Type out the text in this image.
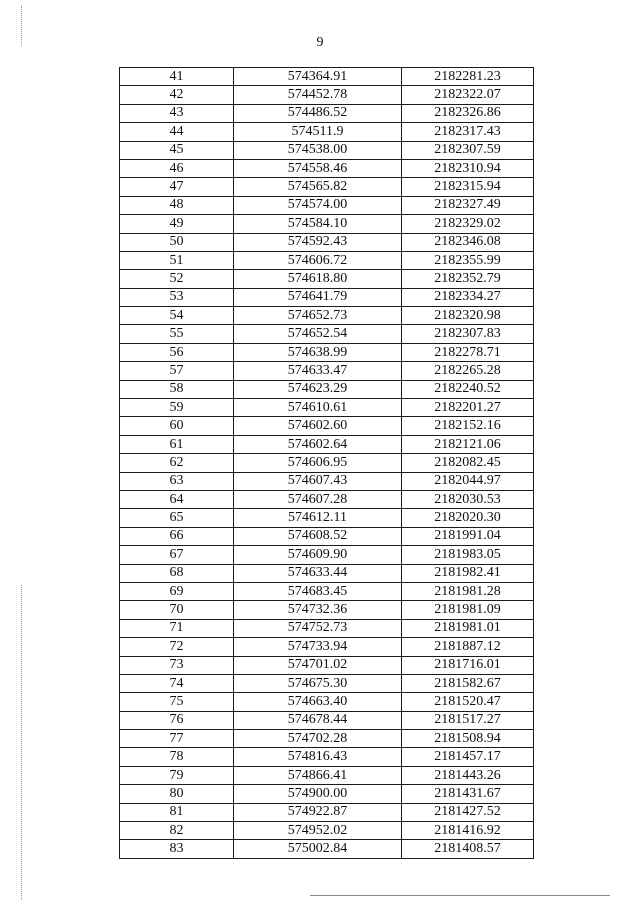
9
41	574364.91	2182281.23
42	574452.78	2182322.07
43	574486.52	2182326.86
44	574511.9	2182317.43
45	574538.00	2182307.59
46	574558.46	2182310.94
47	574565.82	2182315.94
48	574574.00	2182327.49
49	574584.10	2182329.02
50	574592.43	2182346.08
51	574606.72	2182355.99
52	574618.80	2182352.79
53	574641.79	2182334.27
54	574652.73	2182320.98
55	574652.54	2182307.83
56	574638.99	2182278.71
57	574633.47	2182265.28
58	574623.29	2182240.52
59	574610.61	2182201.27
60	574602.60	2182152.16
61	574602.64	2182121.06
62	574606.95	2182082.45
63	574607.43	2182044.97
64	574607.28	2182030.53
65	574612.11	2182020.30
66	574608.52	2181991.04
67	574609.90	2181983.05
68	574633.44	2181982.41
69	574683.45	2181981.28
70	574732.36	2181981.09
71	574752.73	2181981.01
72	574733.94	2181887.12
73	574701.02	2181716.01
74	574675.30	2181582.67
75	574663.40	2181520.47
76	574678.44	2181517.27
77	574702.28	2181508.94
78	574816.43	2181457.17
79	574866.41	2181443.26
80	574900.00	2181431.67
81	574922.87	2181427.52
82	574952.02	2181416.92
83	575002.84	2181408.57
